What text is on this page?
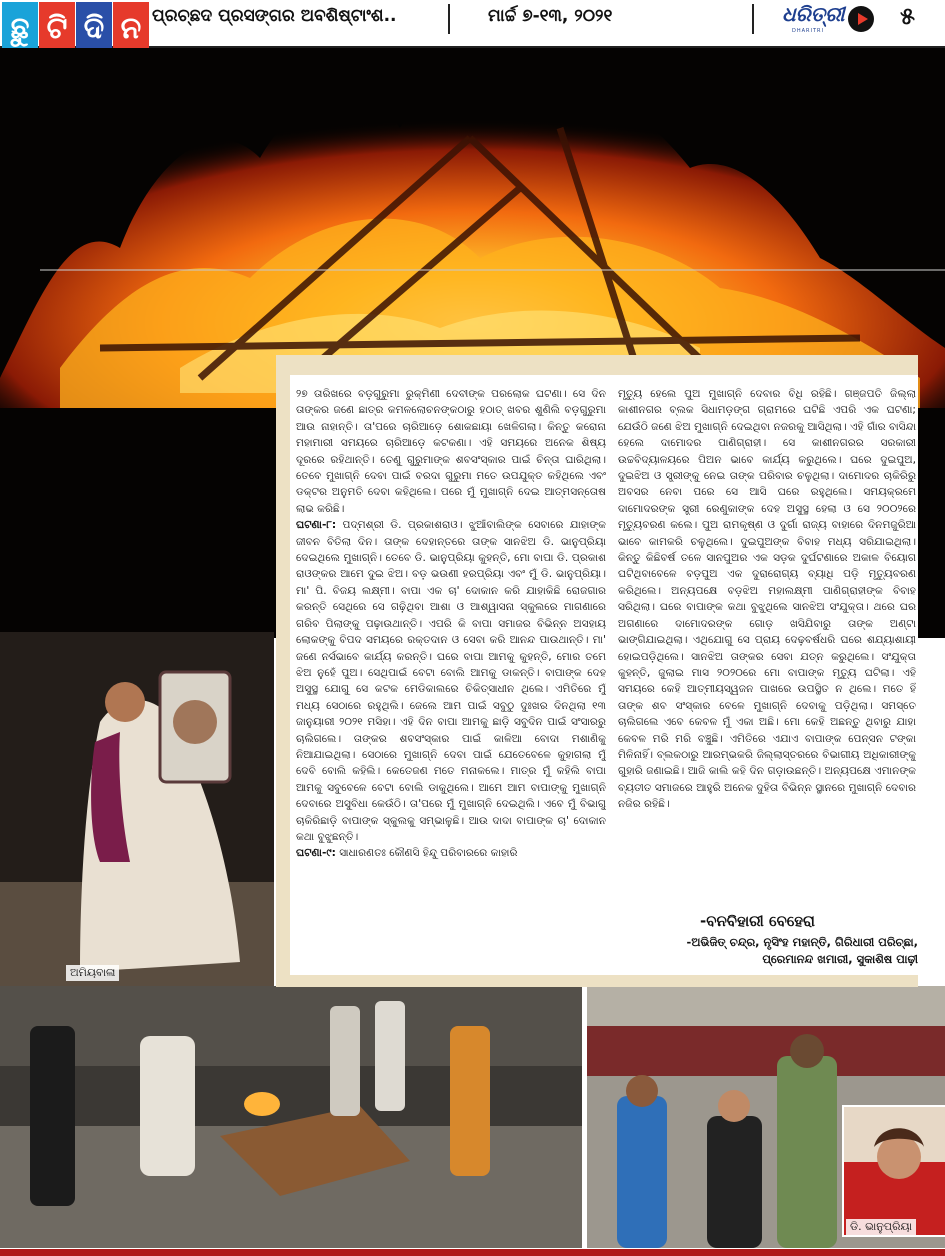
ଛୁ ଟି ଦି ନ ପ୍ରଚ୍ଛଦ ପ୍ରସଙ୍ଗର ଅବଶିଷ୍ଟାଂଶ..	ମାର୍ଚ୍ଚ ୭-୧୩, ୨୦୨୧	ଧରିତ୍ରୀ
DHARITRI
୫
ଅମିୟବାଳା
ଡି. ଭାନୁପ୍ରିୟା

୨୭ ତାରିଖରେ ବଡ଼ଗୁରୁମା ରୁକ୍ମିଣୀ ଦେବୀଙ୍କ ପରଲୋକ ଘଟଣା। ସେ ଦିନ ତାଙ୍କର ଜଣେ ଛାତ୍ର କମଳଲୋଚନଙ୍କଠାରୁ ହଠାତ୍ ଖବର ଶୁଣିଲି ବଡ଼ଗୁରୁମା ଆଉ ନାହାନ୍ତି। ତା'ପରେ ଚାରିଆଡ଼େ ଶୋକଛାୟା ଖେଳିଗଲା। କିନ୍ତୁ କରୋନା ମହାମାରୀ ସମୟରେ ଚାରିଆଡ଼େ କଟକଣା। ଏହି ସମୟରେ ଅନେକ ଶିଷ୍ୟ ଦୂରରେ ରହିଥାନ୍ତି। ତେଣୁ ଗୁରୁମାଙ୍କ ଶବସଂସ୍କାର ପାଇଁ ଚିନ୍ତା ଘାରିଥିଲା। ତେବେ ମୁଖାଗ୍ନି ଦେବା ପାଇଁ ବରଦା ଗୁରୁମା ମତେ ଉପଯୁକ୍ତ କହିଥିଲେ ଏବଂ ଡକ୍ଟର ଅନୁମତି ଦେବା କହିଥିଲେ। ପରେ ମୁଁ ମୁଖାଗ୍ନି ଦେଇ ଆତ୍ମସନ୍ତୋଷ ଲାଭ କରିଛି।

ଘଟଣା-୮: ପଦ୍ମଶ୍ରୀ ଡି. ପ୍ରକାଶରାଓ। ଝୁଆଁବାଲିଙ୍କ ସେବାରେ ଯାହାଙ୍କ ଜୀବନ ବିତିଲା ଦିନ। ତାଙ୍କ ଦେହାନ୍ତରେ ତାଙ୍କ ସାନଝିଅ ଡି. ଭାନୁପ୍ରିୟା ଦେଇଥିଲେ ମୁଖାଗ୍ନି। ତେବେ ଡି. ଭାନୁପ୍ରିୟା କୁହନ୍ତି, ମୋ ବାପା ଡି. ପ୍ରକାଶ ରାଓଙ୍କର ଆମେ ଦୁଇ ଝିଅ। ବଡ଼ ଭଉଣୀ ହରପ୍ରିୟା ଏବଂ ମୁଁ ଡି. ଭାନୁପ୍ରିୟା। ମା' ପି. ବିଜୟ ଲକ୍ଷ୍ମୀ। ବାପା ଏକ ଚା' ଦୋକାନ କରି ଯାହାକିଛି ରୋଜଗାର କରନ୍ତି ସେଥିରେ ସେ ଗଢ଼ିଥିବା ଆଶା ଓ ଆଶ୍ୱାସନା ସ୍କୁଲରେ ମାଗଣାରେ ଗରିବ ପିଲାଙ୍କୁ ପଢ଼ାଉଥାନ୍ତି। ଏପରି କି ବାପା ସମାଜର ବିଭିନ୍ନ ଅସହାୟ ଲୋକଙ୍କୁ ବିପଦ ସମୟରେ ରକ୍ତଦାନ ଓ ସେବା କରି ଆନନ୍ଦ ପାଉଥାନ୍ତି। ମା' ଜଣେ ନର୍ସଭାବେ କାର୍ଯ୍ୟ କରନ୍ତି। ଘରେ ବାପା ଆମକୁ କୁହନ୍ତି, ମୋର ତମେ ଝିଅ ନୁହେଁ ପୁଅ। ସେଥିପାଇଁ ବେଟା ବୋଲି ଆମକୁ ଡାକନ୍ତି। ବାପାଙ୍କ ଦେହ ଅସୁସ୍ଥ ଯୋଗୁ ସେ କଟକ ମେଡିକାଲରେ ଚିକିତ୍ସାଧୀନ ଥିଲେ। ଏମିତିରେ ମୁଁ ମଧ୍ୟ ସେଠାରେ ରହୁଥିଲି। ଜେଲେ ଆମ ପାଇଁ ସବୁଠୁ ଦୁଃଖର ଦିନଥିଲା ୧୩ ଜାନୁୟାରୀ ୨୦୨୧ ମସିହା। ଏହି ଦିନ ବାପା ଆମକୁ ଛାଡ଼ି ସବୁଦିନ ପାଇଁ ସଂସାରରୁ ଚାଲିଗଲେ। ତାଙ୍କର ଶବସଂସ୍କାର ପାଇଁ କାଳିଆ ବୋଦା ମଶାଣିକୁ ନିଆଯାଇଥିଲା। ସେଠାରେ ମୁଖାଗ୍ନି ଦେବା ପାଇଁ ଯେତେବେଳେ କୁହାଗଲା ମୁଁ ଦେବି ବୋଲି କହିଲି। କେତେଜଣ ମତେ ମନାକଲେ। ମାତ୍ର ମୁଁ କହିଲି ବାପା ଆମକୁ ସବୁବେଳେ ବେଟା ବୋଲି ଡାକୁଥିଲେ। ଆମେ ଆମ ବାପାଙ୍କୁ ମୁଖାଗ୍ନି ଦେବାରେ ଅସୁବିଧା କେଉଁଠି। ତା'ପରେ ମୁଁ ମୁଖାଗ୍ନି ଦେଇଥିଲି। ଏବେ ମୁଁ ବିଭାଗୁ ଚାକିରିଛାଡ଼ି ବାପାଙ୍କ ସ୍କୁଲକୁ ସମ୍ଭାଳୁଛି। ଆଉ ଦାଦା ବାପାଙ୍କ ଚା' ଦୋକାନ କଥା ବୁଝୁଛନ୍ତି।

ଘଟଣା-୯: ସାଧାରଣତଃ କୌଣସି ହିନ୍ଦୁ ପରିବାରରେ କାହାରି

ମୃତ୍ୟୁ ହେଲେ ପୁଅ ମୁଖାଗ୍ନି ଦେବାର ବିଧି ରହିଛି। ଗଞ୍ଜପତି ଜିଲ୍ଲା କାଶୀନଗର ବ୍ଲକ ସିଧାମଡ଼ଙ୍ଗ ଗ୍ରାମରେ ଘଟିଛି ଏପରି ଏକ ଘଟଣା; ଯେଉଁଠି ଜଣେ ଝିଅ ମୁଖାଗ୍ନି ଦେଇଥିବା ନଜରକୁ ଆସିଥିଲା। ଏହି ଗାଁର ବାସିନ୍ଦା ହେଲେ ଦାମୋଦର ପାଣିଗ୍ରାହୀ। ସେ କାଶୀନଗରର ସରକାରୀ ଉଚ୍ଚବିଦ୍ୟାଳୟରେ ପିଅନ ଭାବେ କାର୍ଯ୍ୟ କରୁଥିଲେ। ଘରେ ଦୁଇପୁଅ, ଦୁଇଝିଅ ଓ ସ୍ତ୍ରୀଙ୍କୁ ନେଇ ତାଙ୍କ ପରିବାର ଚଳୁଥିଲା। ଦାମୋଦର ଚାକିରିରୁ ଅବସର ନେବା ପରେ ସେ ଆସି ଘରେ ରହୁଥିଲେ। ସମୟକ୍ରମେ ଦାମୋଦରଙ୍କ ସ୍ତ୍ରୀ ରେଣୁକାଙ୍କ ଦେହ ଅସୁସ୍ଥ ହେଲା ଓ ସେ ୨୦୦୨ରେ ମୃତ୍ୟୁବରଣ କଲେ। ପୁଅ ରାମକୃଷ୍ଣ ଓ ଦୁର୍ଗା ରାଜ୍ୟ ବାହାରେ ଦିନମଜୁରିଆ ଭାବେ କାମକରି ଚଳୁଥିଲେ। ଦୁଇପୁଅଙ୍କ ବିବାହ ମଧ୍ୟ ସରିଯାଇଥିଲା। କିନ୍ତୁ କିଛିବର୍ଷ ତଳେ ସାନପୁଅର ଏକ ସଡ଼କ ଦୁର୍ଘଟଣାରେ ଅକାଳ ବିୟୋଗ ଘଟିଥିବାବେଳେ ବଡ଼ପୁଅ ଏକ ଦୁରାରୋଗ୍ୟ ବ୍ୟାଧି ପଡ଼ି ମୃତ୍ୟୁବରଣ କରିଥିଲେ। ଅନ୍ୟପକ୍ଷେ ବଡ଼ଝିଅ ମହାଲକ୍ଷ୍ମୀ ପାଣିଗ୍ରାହୀଙ୍କ ବିବାହ ସରିଥିଲା। ଘରେ ବାପାଙ୍କ କଥା ବୁଝୁଥିଲେ ସାନଝିଅ ସଂଯୁକ୍ତା। ଥରେ ଘର ଅଗଣାରେ ଦାମୋଦରଙ୍କ ଗୋଡ଼ ଖସିଯିବାରୁ ତାଙ୍କ ଅଣ୍ଟା ଭାଙ୍ଗିଯାଇଥିଲା। ଏଥିଯୋଗୁ ସେ ପ୍ରାୟ ଦେଢ଼ବର୍ଷଧରି ଘରେ ଶଯ୍ୟାଶାୟୀ ହୋଇପଡ଼ିଥିଲେ। ସାନଝିଅ ତାଙ୍କର ସେବା ଯତ୍ନ କରୁଥିଲେ। ସଂଯୁକ୍ତା କୁହନ୍ତି, ଜୁଲାଇ ମାସ ୨୦୨୦ରେ ମୋ ବାପାଙ୍କ ମୃତ୍ୟୁ ଘଟିଲା। ଏହି ସମୟରେ କେହି ଆତ୍ମୀୟସ୍ୱଜନ ପାଖରେ ଉପସ୍ଥିତ ନ ଥିଲେ। ମତେ ହିଁ ତାଙ୍କ ଶବ ସଂସ୍କାର ବେଳେ ମୁଖାଗ୍ନି ଦେବାକୁ ପଡ଼ିଥିଲା। ସମସ୍ତେ ଚାଲିଗଲେ ଏବେ କେବଳ ମୁଁ ଏକା ଅଛି। ମୋ କେହି ଅଛନ୍ତୁ ଥିବାରୁ ଯାହା କେବଳ ମରି ମରି ବଞ୍ଚୁଛି। ଏମିତିରେ ଏଯାଏ ବାପାଙ୍କ ପେନ୍‌ସନ ଟଙ୍କା ମିଳିନାହିଁ। ବ୍ଲକଠାରୁ ଆରମ୍ଭକରି ଜିଲ୍ଲାସ୍ତରରେ ବିଭାଗୀୟ ଅଧିକାରୀଙ୍କୁ ଗୁହାରି ଜଣାଇଛି। ଆଜି କାଲି କହି ଦିନ ଗଡ଼ାଉଛନ୍ତି। ଅନ୍ୟପକ୍ଷେ ଏମାନଙ୍କ ବ୍ୟତୀତ ସମାଜରେ ଆହୁରି ଅନେକ ଦୁହିତା ବିଭିନ୍ନ ସ୍ଥାନରେ ମୁଖାଗ୍ନି ଦେବାର ନଜିର ରହିଛି।

-ବନବିହାରୀ ବେହେରା
-ଅଭିଜିତ୍ ଚନ୍ଦ୍ର, ନୃସିଂହ ମହାନ୍ତି, ଗିରିଧାରୀ ପରିଚ୍ଛା,
ପ୍ରେମାନନ୍ଦ ଖମାରୀ, ସୁକାଶିଷ ପାଢ଼ୀ
